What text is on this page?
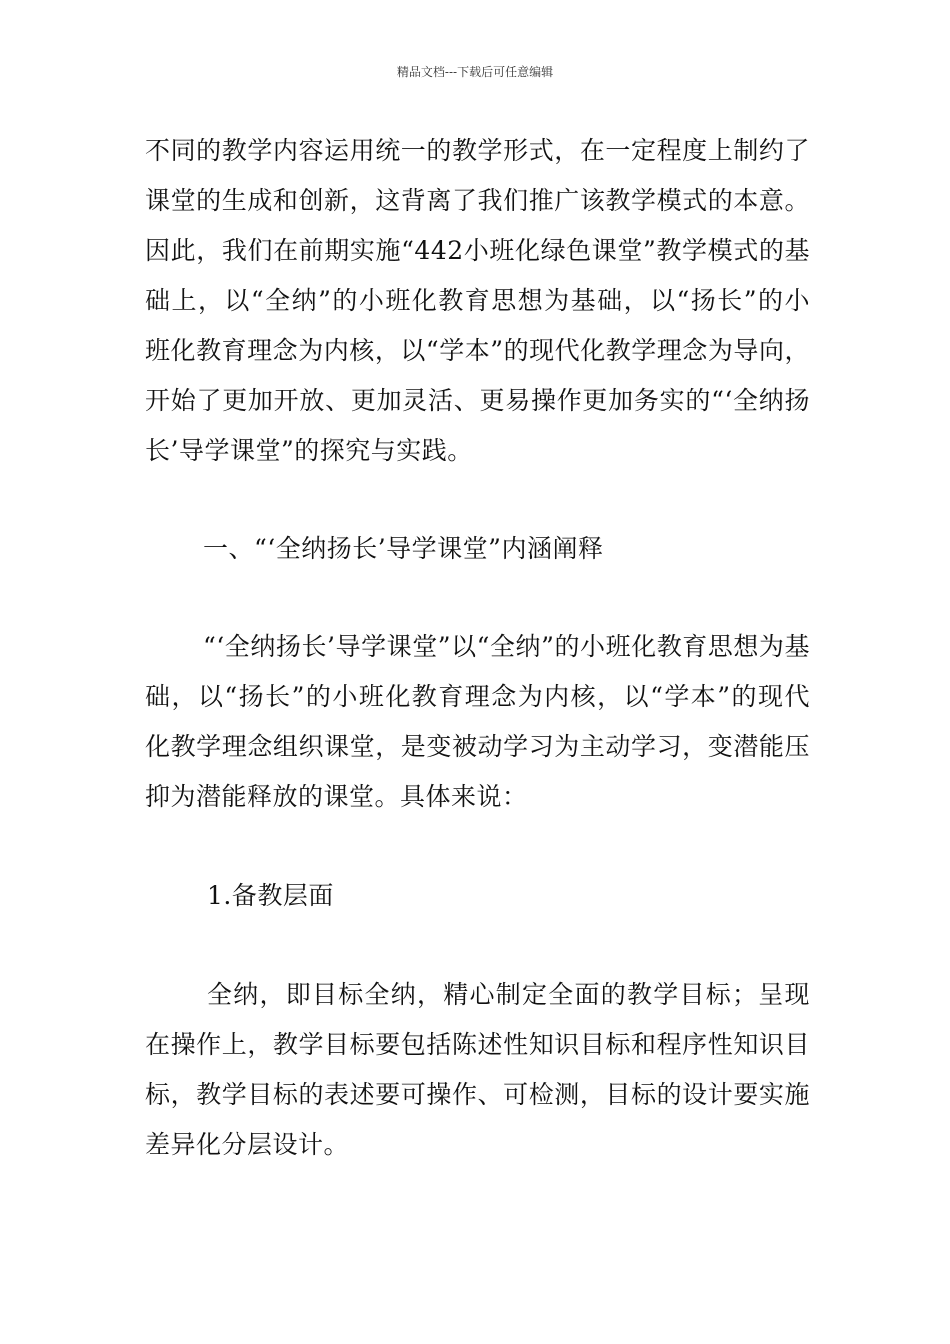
精品文档---下载后可任意编辑

不同的教学内容运用统一的教学形式，在一定程度上制约了课堂的生成和创新，这背离了我们推广该教学模式的本意。因此，我们在前期实施“442小班化绿色课堂”教学模式的基础上，以“全纳”的小班化教育思想为基础，以“扬长”的小班化教育理念为内核，以“学本”的现代化教学理念为导向，开始了更加开放、更加灵活、更易操作更加务实的“‘全纳扬长’导学课堂”的探究与实践。

一、“‘全纳扬长’导学课堂”内涵阐释

“‘全纳扬长’导学课堂”以“全纳”的小班化教育思想为基础，以“扬长”的小班化教育理念为内核，以“学本”的现代化教学理念组织课堂，是变被动学习为主动学习，变潜能压抑为潜能释放的课堂。具体来说：

1.备教层面

全纳，即目标全纳，精心制定全面的教学目标；呈现在操作上，教学目标要包括陈述性知识目标和程序性知识目标，教学目标的表述要可操作、可检测，目标的设计要实施差异化分层设计。
